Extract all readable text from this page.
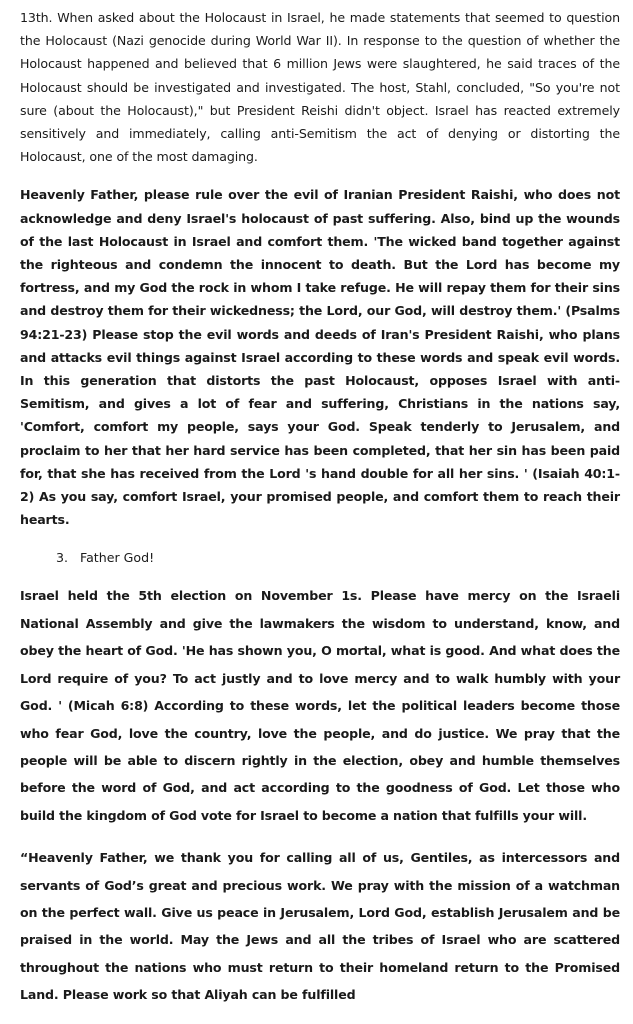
13th. When asked about the Holocaust in Israel, he made statements that seemed to question the Holocaust (Nazi genocide during World War II). In response to the question of whether the Holocaust happened and believed that 6 million Jews were slaughtered, he said traces of the Holocaust should be investigated and investigated. The host, Stahl, concluded, "So you're not sure (about the Holocaust)," but President Reishi didn't object. Israel has reacted extremely sensitively and immediately, calling anti-Semitism the act of denying or distorting the Holocaust, one of the most damaging.

Heavenly Father, please rule over the evil of Iranian President Raishi, who does not acknowledge and deny Israel's holocaust of past suffering. Also, bind up the wounds of the last Holocaust in Israel and comfort them. 'The wicked band together against the righteous and condemn the innocent to death. But the Lord has become my fortress, and my God the rock in whom I take refuge. He will repay them for their sins and destroy them for their wickedness; the Lord, our God, will destroy them.' (Psalms 94:21-23) Please stop the evil words and deeds of Iran's President Raishi, who plans and attacks evil things against Israel according to these words and speak evil words. In this generation that distorts the past Holocaust, opposes Israel with anti-Semitism, and gives a lot of fear and suffering, Christians in the nations say, 'Comfort, comfort my people, says your God. Speak tenderly to Jerusalem, and proclaim to her that her hard service has been completed, that her sin has been paid for, that she has received from the Lord 's hand double for all her sins. ' (Isaiah 40:1-2) As you say, comfort Israel, your promised people, and comfort them to reach their hearts.

3. Father God!

Israel held the 5th election on November 1s. Please have mercy on the Israeli National Assembly and give the lawmakers the wisdom to understand, know, and obey the heart of God. 'He has shown you, O mortal, what is good. And what does the Lord require of you? To act justly and to love mercy and to walk humbly with your God. ' (Micah 6:8) According to these words, let the political leaders become those who fear God, love the country, love the people, and do justice. We pray that the people will be able to discern rightly in the election, obey and humble themselves before the word of God, and act according to the goodness of God. Let those who build the kingdom of God vote for Israel to become a nation that fulfills your will.

“Heavenly Father, we thank you for calling all of us, Gentiles, as intercessors and servants of God’s great and precious work. We pray with the mission of a watchman on the perfect wall. Give us peace in Jerusalem, Lord God, establish Jerusalem and be praised in the world. May the Jews and all the tribes of Israel who are scattered throughout the nations who must return to their homeland return to the Promised Land. Please work so that Aliyah can be fulfilled
